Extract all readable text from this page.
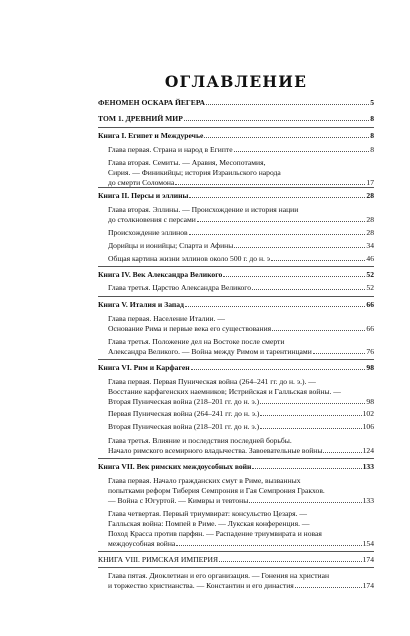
ОГЛАВЛЕНИЕ
ФЕНОМЕН ОСКАРА ЙЕГЕРА	5
ТОМ 1. ДРЕВНИЙ МИР	8
Книга I. Египет и Междуречье	8
Глава первая. Страна и народ в Египте	8
Глава вторая. Семиты. — Аравия, Месопотамия,
Сирия. — Финикийцы; история Израильского народа
до смерти Соломона	17
Книга II. Персы и эллины	28
Глава вторая. Эллины. — Происхождение и история нации
до столкновения с персами	28
Происхождение эллинов	28
Дорийцы и ионийцы; Спарта и Афины	34
Общая картина жизни эллинов около 500 г. до н. э	46
Книга IV. Век Александра Великого	52
Глава третья. Царство Александра Великого	52
Книга V. Италия и Запад	66
Глава первая. Население Италии. —
Основание Рима и первые века его существования	66
Глава третья. Положение дел на Востоке после смерти
Александра Великого. — Война между Римом и тарентинцами	76
Книга VI. Рим и Карфаген	98
Глава первая. Первая Пуническая война (264–241 гг. до н. э.). —
Восстание карфагенских наемников; Истрийская и Галльская войны. —
Вторая Пуническая война (218–201 гг. до н. э.)	98
Первая Пуническая война (264–241 гг. до н. э.)	102
Вторая Пуническая война (218–201 гг. до н. э.)	106
Глава третья. Влияние и последствия последней борьбы.
Начало римского всемирного владычества. Завоевательные войны	124
Книга VII. Век римских междоусобных войн	133
Глава первая. Начало гражданских смут в Риме, вызванных
попытками реформ Тиберия Семпрония и Гая Семпрония Гракхов.
— Война с Югуртой. — Кимвры и тевтоны	133
Глава четвертая. Первый триумвират: консульство Цезаря. —
Галльская война: Помпей в Риме. — Лукская конференция. —
Поход Красса против парфян. — Распадение триумвирата и новая
междоусобная война	154
КНИГА VIII. РИМСКАЯ ИМПЕРИЯ	174
Глава пятая. Диоклетиан и его организация. — Гонения на христиан
и торжество христианства. — Константин и его династия	174
